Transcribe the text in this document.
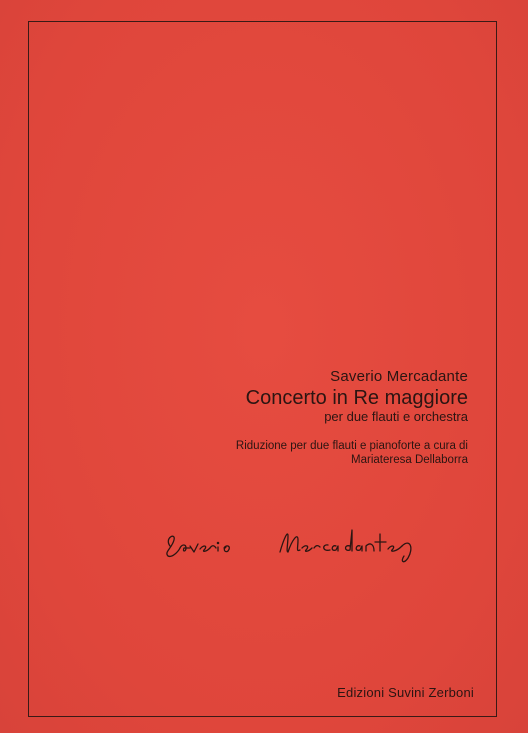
Saverio Mercadante
Concerto in Re maggiore
per due flauti e orchestra
Riduzione per due flauti e pianoforte a cura di
Mariateresa Dellaborra
Edizioni Suvini Zerboni
